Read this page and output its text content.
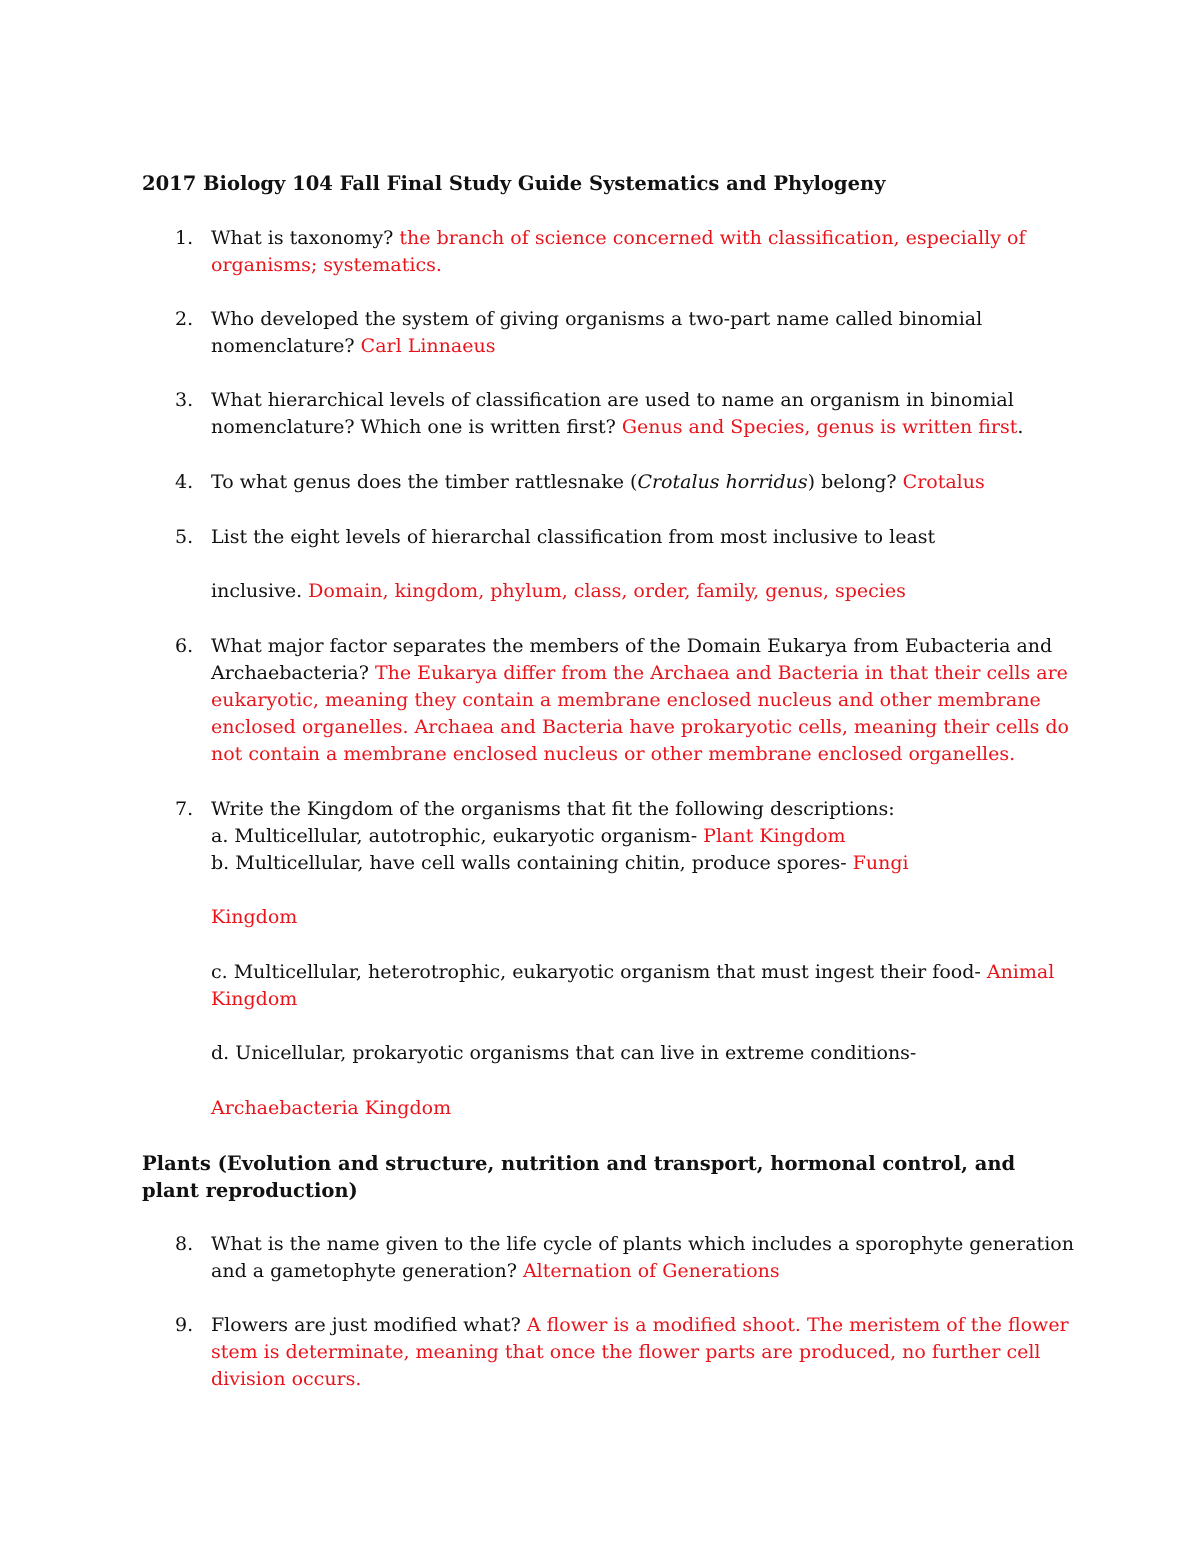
2017 Biology 104 Fall Final Study Guide Systematics and Phylogeny
1. What is taxonomy? the branch of science concerned with classification, especially of
organisms; systematics.
2. Who developed the system of giving organisms a two-part name called binomial
nomenclature? Carl Linnaeus
3. What hierarchical levels of classification are used to name an organism in binomial
nomenclature? Which one is written first? Genus and Species, genus is written first.
4. To what genus does the timber rattlesnake (Crotalus horridus) belong? Crotalus
5. List the eight levels of hierarchal classification from most inclusive to least
inclusive. Domain, kingdom, phylum, class, order, family, genus, species
6. What major factor separates the members of the Domain Eukarya from Eubacteria and
Archaebacteria? The Eukarya differ from the Archaea and Bacteria in that their cells are
eukaryotic, meaning they contain a membrane enclosed nucleus and other membrane
enclosed organelles. Archaea and Bacteria have prokaryotic cells, meaning their cells do
not contain a membrane enclosed nucleus or other membrane enclosed organelles.
7. Write the Kingdom of the organisms that fit the following descriptions:
a. Multicellular, autotrophic, eukaryotic organism- Plant Kingdom
b. Multicellular, have cell walls containing chitin, produce spores- Fungi
Kingdom
c. Multicellular, heterotrophic, eukaryotic organism that must ingest their food- Animal
Kingdom
d. Unicellular, prokaryotic organisms that can live in extreme conditions-
Archaebacteria Kingdom
Plants (Evolution and structure, nutrition and transport, hormonal control, and plant reproduction)
8. What is the name given to the life cycle of plants which includes a sporophyte generation
and a gametophyte generation? Alternation of Generations
9. Flowers are just modified what? A flower is a modified shoot. The meristem of the flower
stem is determinate, meaning that once the flower parts are produced, no further cell
division occurs.
